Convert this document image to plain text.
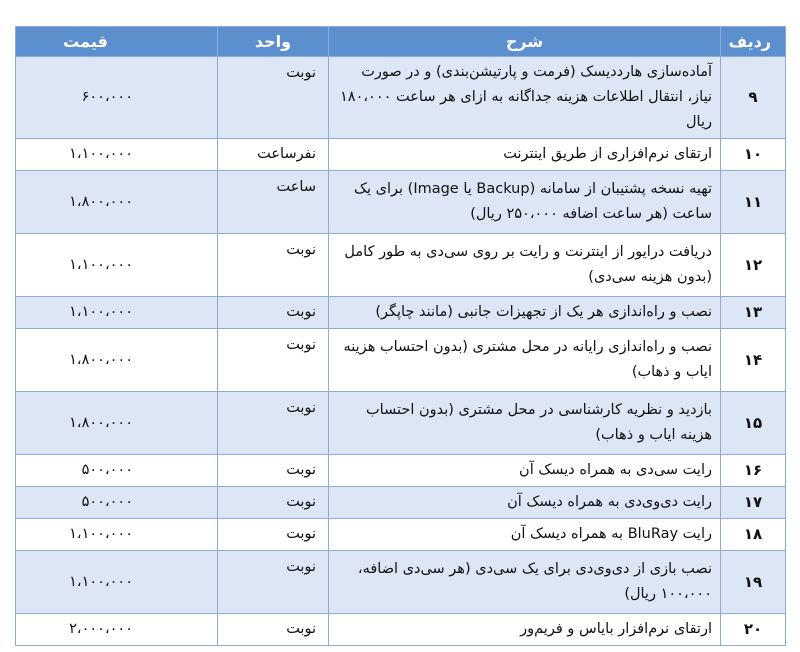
ردیف	شرح	واحد	قیمت
۹	آماده‌سازی هارددیسک (فرمت و پارتیشن‌بندی) و در صورت نیاز، انتقال اطلاعات هزینه جداگانه به ازای هر ساعت ۱۸۰،۰۰۰ ریال	نوبت	۶۰۰،۰۰۰
۱۰	ارتقای نرم‌افزاری از طریق اینترنت	نفرساعت	۱،۱۰۰،۰۰۰
۱۱	تهیه نسخه پشتیبان از سامانه (Backup یا Image) برای یک ساعت (هر ساعت اضافه ۲۵۰،۰۰۰ ریال)	ساعت	۱،۸۰۰،۰۰۰
۱۲	دریافت درایور از اینترنت و رایت بر روی سی‌دی به طور کامل (بدون هزینه سی‌دی)	نوبت	۱،۱۰۰،۰۰۰
۱۳	نصب و راه‌اندازی هر یک از تجهیزات جانبی (مانند چاپگر)	نوبت	۱،۱۰۰،۰۰۰
۱۴	نصب و راه‌اندازی رایانه در محل مشتری (بدون احتساب هزینه ایاب و ذهاب)	نوبت	۱،۸۰۰،۰۰۰
۱۵	بازدید و نظریه کارشناسی در محل مشتری (بدون احتساب هزینه ایاب و ذهاب)	نوبت	۱،۸۰۰،۰۰۰
۱۶	رایت سی‌دی به همراه دیسک آن	نوبت	۵۰۰،۰۰۰
۱۷	رایت دی‌وی‌دی به همراه دیسک آن	نوبت	۵۰۰،۰۰۰
۱۸	رایت BluRay به همراه دیسک آن	نوبت	۱،۱۰۰،۰۰۰
۱۹	نصب بازی از دی‌وی‌دی برای یک سی‌دی (هر سی‌دی اضافه، ۱۰۰،۰۰۰ ریال)	نوبت	۱،۱۰۰،۰۰۰
۲۰	ارتقای نرم‌افزار بایاس و فریم‌ور	نوبت	۲،۰۰۰،۰۰۰
